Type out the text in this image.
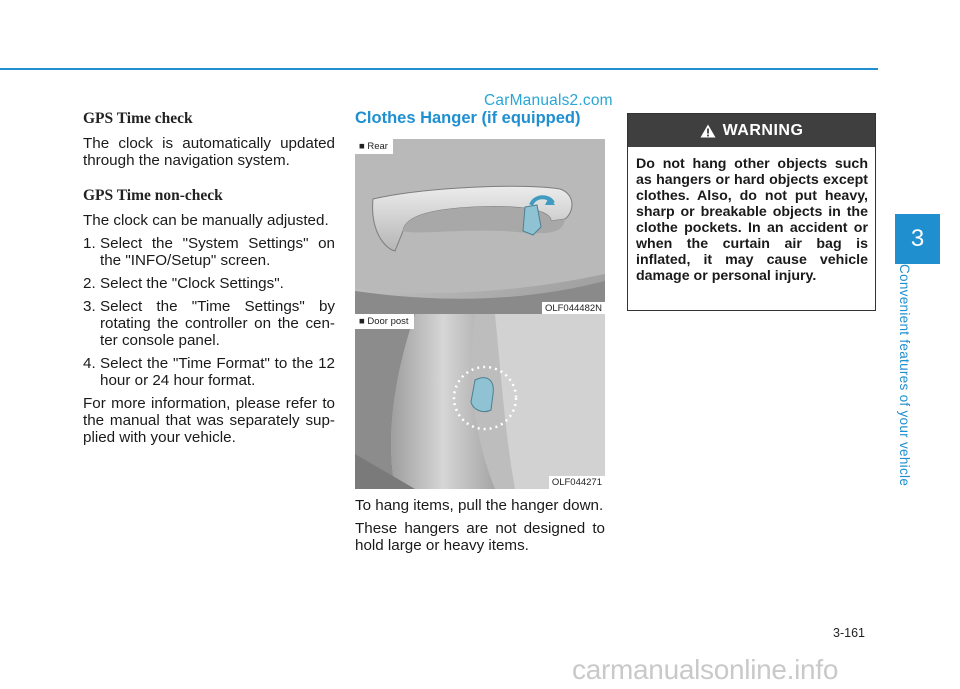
GPS Time check

The clock is automatically updated through the navigation system.

GPS Time non-check

The clock can be manually adjusted.

1. Select the "System Settings" on the "INFO/Setup" screen.
2. Select the "Clock Settings".
3. Select the "Time Settings" by rotating the controller on the cen-ter console panel.
4. Select the "Time Format" to the 12 hour or 24 hour format.

For more information, please refer to the manual that was separately sup-plied with your vehicle.

CarManuals2.com
Clothes Hanger (if equipped)
■ Rear
OLF044482N
■ Door post
OLF044271

To hang items, pull the hanger down.

These hangers are not designed to hold large or heavy items.

WARNING
Do not hang other objects such as hangers or hard objects except clothes. Also, do not put heavy, sharp or breakable objects in the clothe pockets. In an accident or when the curtain air bag is inflated, it may cause vehicle damage or personal injury.
3
Convenient features of your vehicle
3-161
carmanualsonline.info
